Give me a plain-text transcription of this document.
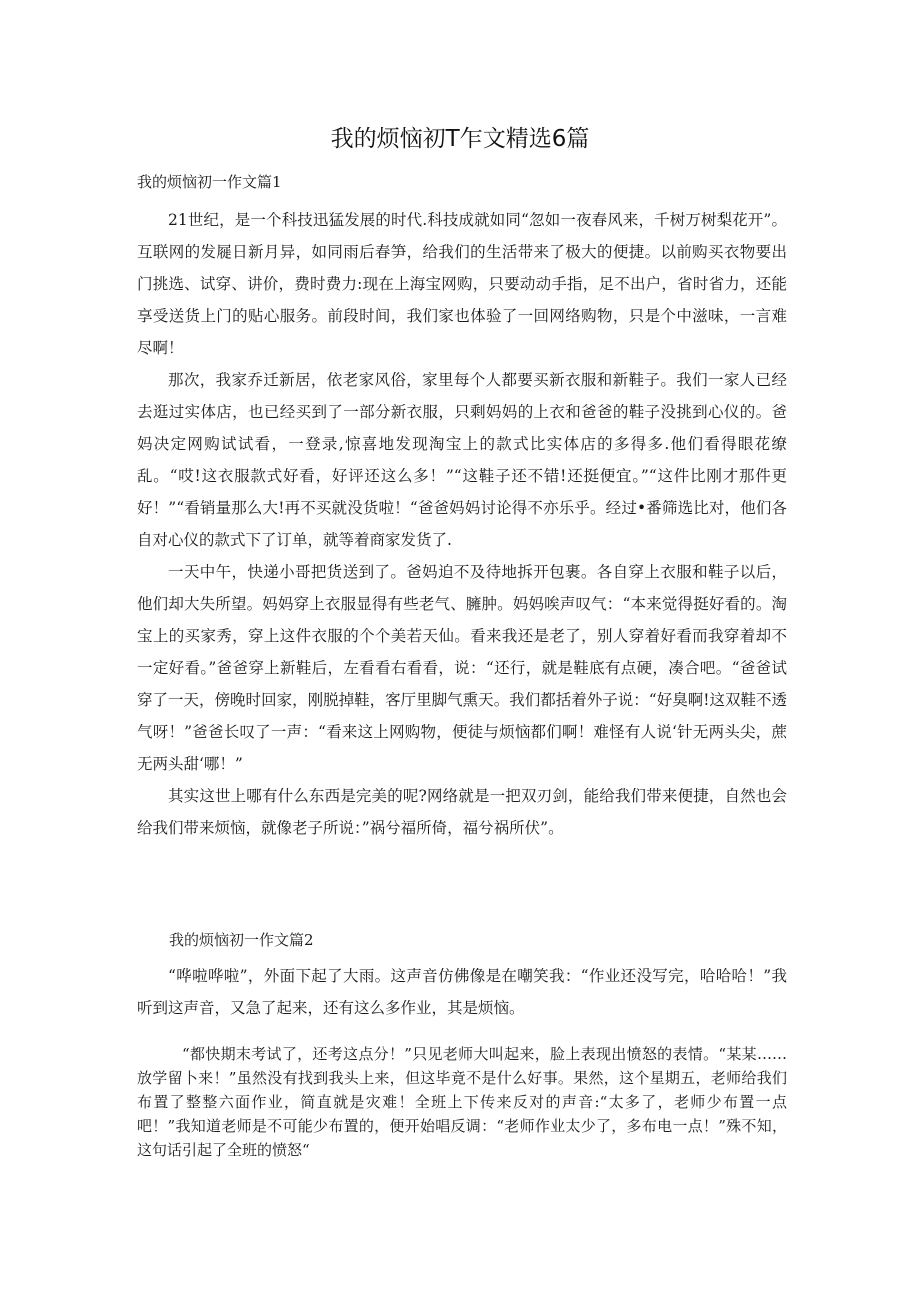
我的烦恼初T乍文精选6篇
我的烦恼初一作文篇1

21世纪，是一个科技迅猛发展的时代.科技成就如同“忽如一夜春风来，千树万树梨花开”。互联网的发屣日新月异，如同雨后春笋，给我们的生活带来了极大的便捷。以前购买衣物要出门挑选、试穿、讲价，费时费力:现在上海宝网购，只要动动手指，足不出户，省时省力，还能享受送货上门的贴心服务。前段时间，我们家也体验了一回网络购物，只是个中滋味，一言难尽啊！

那次，我家乔迁新居，依老家风俗，家里每个人都要买新衣服和新鞋子。我们一家人已经去逛过实体店，也已经买到了一部分新衣服，只剩妈妈的上衣和爸爸的鞋子没挑到心仪的。爸妈决定网购试试看，一登录,惊喜地发现淘宝上的款式比实体店的多得多.他们看得眼花缭乱。“哎!这衣服款式好看，好评还这么多！”“这鞋子还不错!还挺便宜。”“这件比刚才那件更好！”“看销量那么大!再不买就没货啦！“爸爸妈妈讨论得不亦乐乎。经过•番筛选比对，他们各自对心仪的款式下了订单，就等着商家发货了.

一天中午，快递小哥把货送到了。爸妈迫不及待地拆开包裹。各自穿上衣服和鞋子以后，他们却大失所望。妈妈穿上衣服显得有些老气、臃肿。妈妈唉声叹气：“本来觉得挺好看的。淘宝上的买家秀，穿上这件衣服的个个美若天仙。看来我还是老了，别人穿着好看而我穿着却不一定好看。”爸爸穿上新鞋后，左看看右看看，说：“还行，就是鞋底有点硬，凑合吧。“爸爸试穿了一天，傍晚时回家，刚脱掉鞋，客厅里脚气熏天。我们都括着外子说：“好臭啊!这双鞋不透气呀！”爸爸长叹了一声：“看来这上网购物，便徒与烦恼都们啊！难怪有人说‘针无两头尖，蔗无两头甜‘哪！”

其实这世上哪有什么东西是完美的呢?网络就是一把双刃剑，能给我们带来便捷，自然也会给我们带来烦恼，就像老子所说：”祸兮福所倚，福兮祸所伏”。

我的烦恼初一作文篇2

“哗啦哗啦”，外面下起了大雨。这声音仿佛像是在嘲笑我：“作业还没写完，哈哈哈！”我听到这声音，又急了起来，还有这么多作业，其是烦恼。

“都快期末考试了，还考这点分！”只见老师大叫起来，脸上表现出愤怒的表情。“某某……放学留卜来！”虽然没有找到我头上来，但这毕竟不是什么好事。果然，这个星期五，老师给我们布置了整整六面作业，简直就是灾难！全班上下传来反对的声音:“太多了，老师少布置一点吧！”我知道老师是不可能少布置的，便开始唱反调：“老师作业太少了，多布电一点！”殊不知，这句话引起了全班的愤怒“
